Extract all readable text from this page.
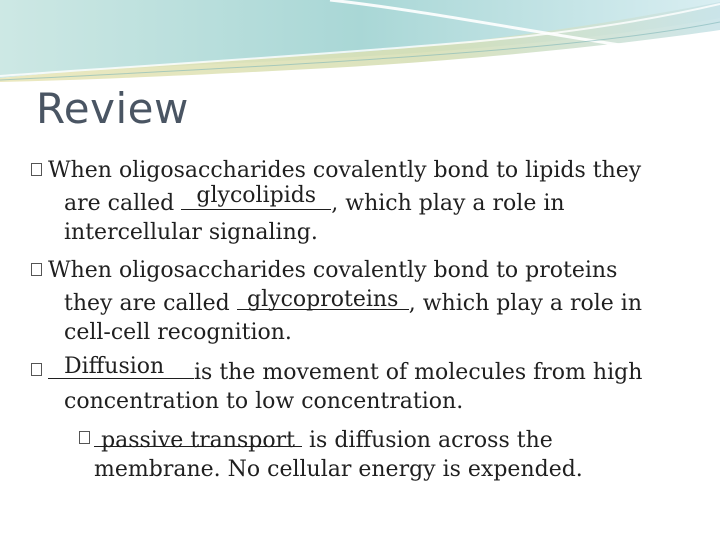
Review
When oligosaccharides covalently bond to lipids they
are called	glycolipids , which play a role in
intercellular signaling.
When oligosaccharides covalently bond to proteins
they are called glycoproteins , which play a role in
cell-cell recognition.
Diffusion	is the movement of molecules from high
concentration to low concentration.
passive transport is diffusion across the
membrane. No cellular energy is expended.
